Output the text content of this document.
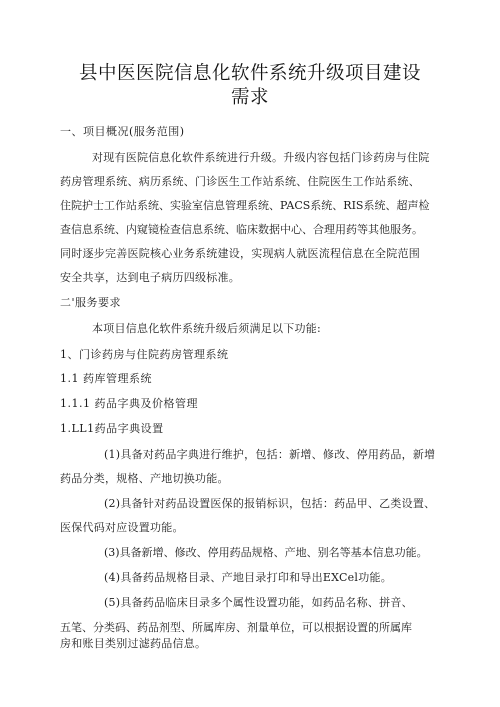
县中医医院信息化软件系统升级项目建设
需求
一、项目概况(服务范围)
对现有医院信息化软件系统进行升级。升级内容包括门诊药房与住院
药房管理系统、病历系统、门诊医生工作站系统、住院医生工作站系统、
住院护士工作站系统、实验室信息管理系统、PACS系统、RIS系统、超声检
查信息系统、内窥镜检查信息系统、临床数据中心、合理用药等其他服务。
同时逐步完善医院核心业务系统建设，实现病人就医流程信息在全院范围
安全共享，达到电子病历四级标准。
二'服务要求
本项目信息化软件系统升级后须满足以下功能:
1、门诊药房与住院药房管理系统
1.1 药库管理系统
1.1.1 药品字典及价格管理
1.LL1药品字典设置
(1)具备对药品字典进行维护，包括：新增、修改、停用药品，新增
药品分类，规格、产地切换功能。
(2)具备针对药品设置医保的报销标识，包括：药品甲、乙类设置、
医保代码对应设置功能。
(3)具备新增、修改、停用药品规格、产地、别名等基本信息功能。
(4)具备药品规格目录、产地目录打印和导出EXCel功能。
(5)具备药品临床目录多个属性设置功能，如药品名称、拼音、
五笔、分类码、药品剂型、所属库房、剂量单位，可以根据设置的所属库
房和账目类别过滤药品信息。
